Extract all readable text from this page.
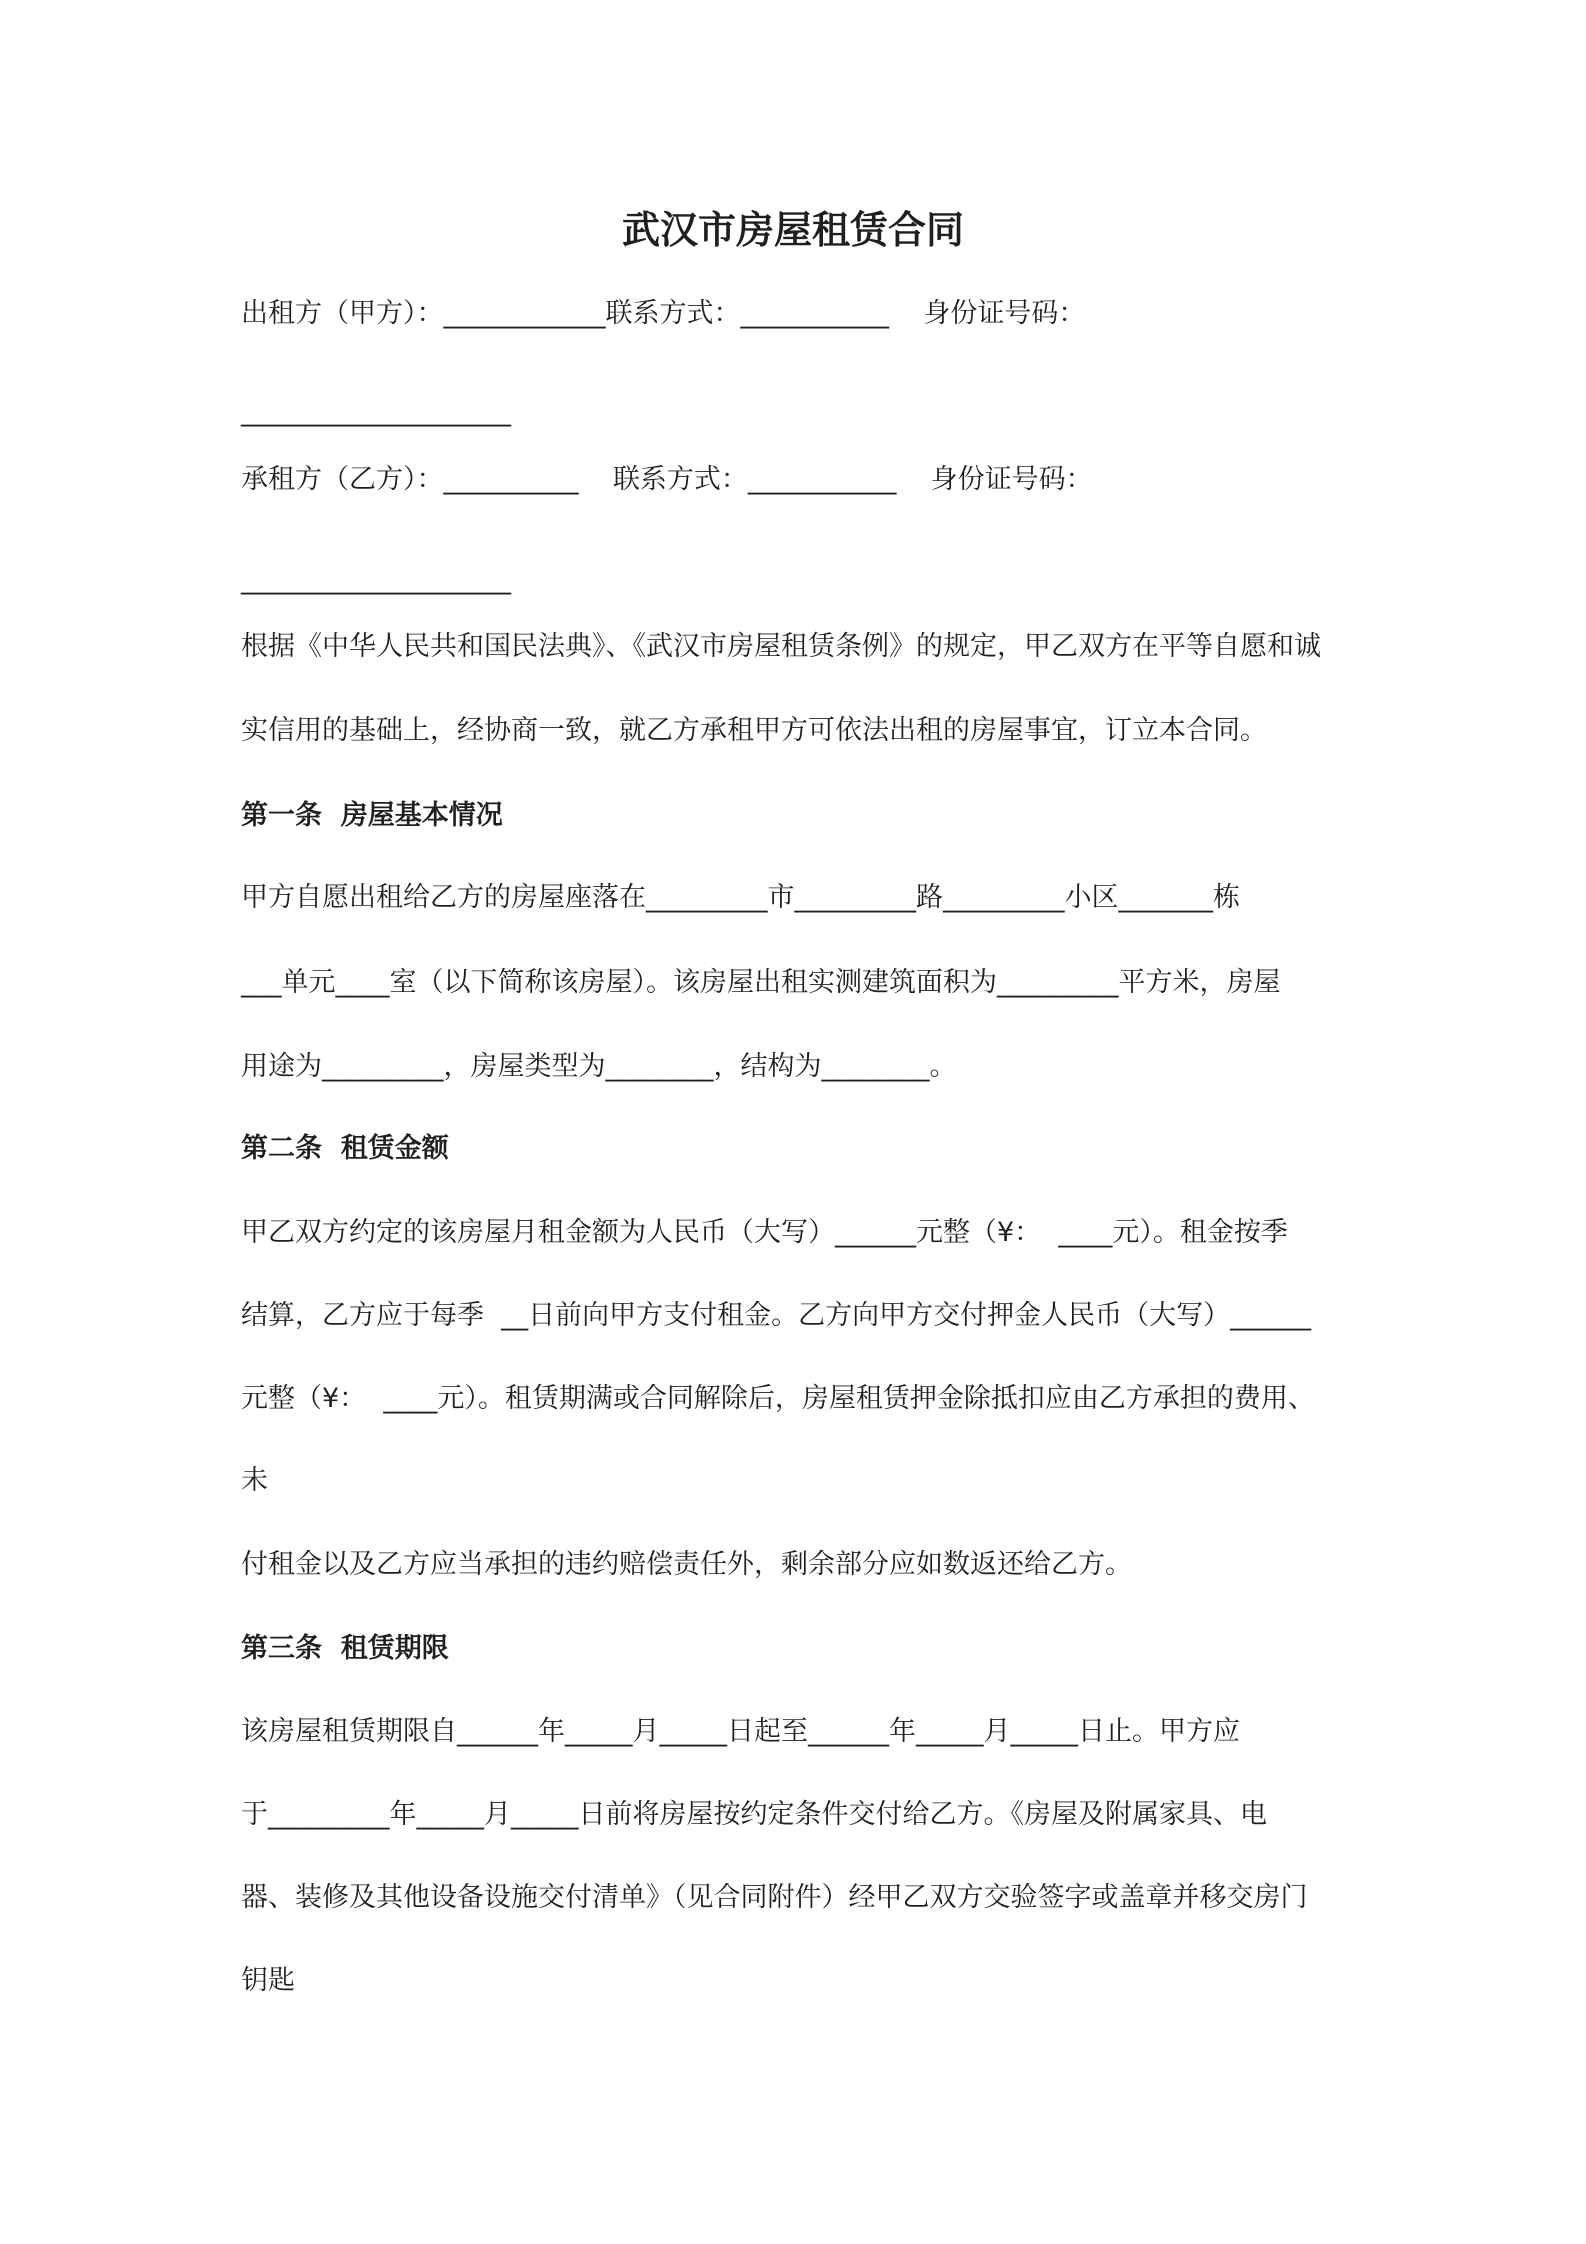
武汉市房屋租赁合同
出租方（甲方）：____________联系方式：___________    身份证号码：
____________________
承租方（乙方）：__________    联系方式：___________    身份证号码：
____________________
根据《中华人民共和国民法典》、《武汉市房屋租赁条例》的规定，甲乙双方在平等自愿和诚
实信用的基础上，经协商一致，就乙方承租甲方可依法出租的房屋事宜，订立本合同。
第一条  房屋基本情况
甲方自愿出租给乙方的房屋座落在_________市_________路_________小区_______栋
___单元____室（以下简称该房屋）。该房屋出租实测建筑面积为_________平方米，房屋
用途为_________，房屋类型为________，结构为________。
第二条  租赁金额
甲乙双方约定的该房屋月租金额为人民币（大写）______元整（¥：  ____元）。租金按季
结算，乙方应于每季  __日前向甲方支付租金。乙方向甲方交付押金人民币（大写）______
元整（¥：  ____元）。租赁期满或合同解除后，房屋租赁押金除抵扣应由乙方承担的费用、
未
付租金以及乙方应当承担的违约赔偿责任外，剩余部分应如数返还给乙方。
第三条  租赁期限
该房屋租赁期限自______年_____月_____日起至______年_____月_____日止。甲方应
于_________年_____月_____日前将房屋按约定条件交付给乙方。《房屋及附属家具、电
器、装修及其他设备设施交付清单》（见合同附件）经甲乙双方交验签字或盖章并移交房门
钥匙
